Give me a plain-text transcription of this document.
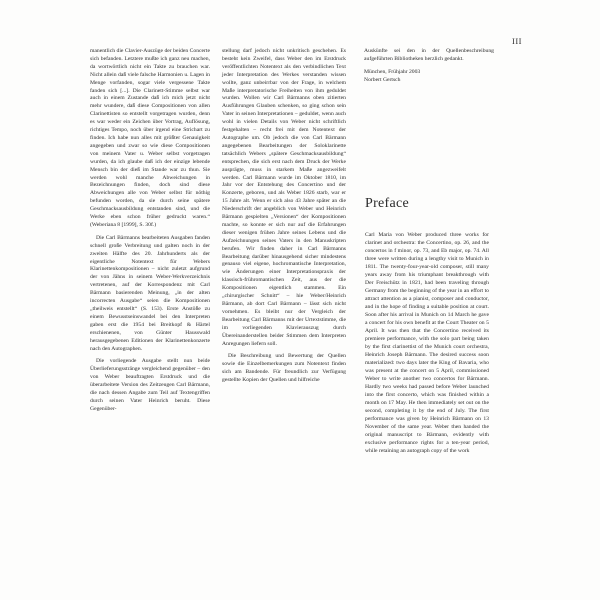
III

manentlich die Clavier-Auszüge der beiden Concerte sich befanden. Letztere mußte ich ganz neu machen, da wortwörtlich nicht ein Takte zu brauchen war. Nicht allein daß viele falsche Harmonien u. Lagen in Menge vorfanden, sogar viele vergessene Takte fanden sich [...]. Die Clarinett-Stimme selbst war auch in einem Zustande daß ich mich jetzt nicht mehr wundere, daß diese Compositionen von allen Clarinettisten so entstellt vorgetragen wurden, denn es war weder ein Zeichen über Vortrag, Auflösung, richtiges Tempo, noch über irgend eine Strichart zu finden. Ich habe nun alles mit größter Genauigkeit angegeben und zwar so wie diese Compositionen von meinem Vater u. Weber selbst vorgetragen wurden, da ich glaube daß ich der einzige lebende Mensch bin der dieß im Stande war zu thun. Sie werden wohl manche Abweichungen in Bezeichnungen finden, doch sind diese Abweichungen alle von Weber selbst für nöthig befunden worden, da sie durch seine spätere Geschmacksausbildung entstanden sind, und die Werke eben schon früher gedruckt waren.“ (Weberiana 8 [1999], S. 30f.)

Die Carl Bärmanns bearbeiteten Ausgaben fanden schnell große Verbreitung und galten noch in der zweiten Hälfte des 20. Jahrhunderts als der eigentliche Notentext für Webers Klarinettenkompositionen – nicht zuletzt aufgrund der von Jähns in seinem Weber-Werkverzeichnis vertretenen, auf der Korrespondenz mit Carl Bärmann basierenden Meinung, „in der alten incorrecten Ausgabe“ seien die Kompositionen „theilweis entstellt“ (S. 153). Erste Anstöße zu einem Bewusstseinswandel bei den Interpreten gaben erst die 1954 bei Breitkopf & Härtel erschienenen, von Günter Hausswald herausgegebenen Editionen der Klarinettenkonzerte nach den Autographen.

Die vorliegende Ausgabe stellt nun beide Überlieferungsstränge vergleichend gegenüber – den von Weber beauftragten Erstdruck und die überarbeitete Version des Zeitzeugen Carl Bärmann, die nach dessen Angabe zum Teil auf Textengriffen durch seinen Vater Heinrich beruht. Diese Gegenüber-

stellung darf jedoch nicht unkritisch geschehen. Es besteht kein Zweifel, dass Weber den im Erstdruck veröffentlichten Notentext als den verbindlichen Text jeder Interpretation des Werkes verstanden wissen wollte, ganz unbeirrbar von der Frage, in welchem Maße interpretatorische Freiheiten von ihm geduldet wurden. Wollen wir Carl Bärmanns oben zitierten Ausführungen Glauben schenken, so ging schon sein Vater in seinen Interpretationen – geduldet, wenn auch wohl in vielen Details von Weber nicht schriftlich festgehalten – recht frei mit dem Notentext der Autographe um. Ob jedoch die von Carl Bärmann angegebenen Bearbeitungen der Soloklarinette tatsächlich Webers „spätere Geschmacksausbildung“ entsprechen, die sich erst nach dem Druck der Werke ausprägte, muss in starkem Maße angezweifelt werden. Carl Bärmann wurde im Oktober 1810, im Jahr vor der Entstehung des Concertino und der Konzerte, geboren, und als Weber 1826 starb, war er 15 Jahre alt. Wenn er sich also 43 Jahre später an die Niederschrift der angeblich von Weber und Heinrich Bärmann gespielten „Versionen“ der Kompositionen machte, so konnte er sich nur auf die Erfahrungen dieser wenigen frühen Jahre seines Lebens und die Aufzeichnungen seines Vaters in den Manuskripten berufen. Wir finden daher in Carl Bärmanns Bearbeitung darüber hinausgehend sicher mindestens genauso viel eigene, hochromantische Interpretation, wie Änderungen einer Interpretationspraxis der klassisch-frühromantischen Zeit, aus der die Kompositionen eigentlich stammen. Ein „chirurgischer Schnitt“ – hie Weber/Heinrich Bärmann, ab dort Carl Bärmann – lässt sich nicht vornehmen. Es bleibt nur der Vergleich der Bearbeitung Carl Bärmanns mit der Urtextstimme, die im vorliegenden Klavierauszug durch Übereinanderstellen beider Stimmen dem Interpreten Anregungen liefern soll.

Die Beschreibung und Bewertung der Quellen sowie die Einzelbemerkungen zum Notentext finden sich am Bandende. Für freundlich zur Verfügung gestellte Kopien der Quellen und hilfreiche

Auskünfte sei den in der Quellenbeschreibung aufgeführten Bibliotheken herzlich gedankt.

München, Frühjahr 2003
Norbert Gertsch
Preface

Carl Maria von Weber produced three works for clarinet and orchestra: the Concertino, op. 26, and the concertos in f minor, op. 73, and Eb major, op. 74. All three were written during a lengthy visit to Munich in 1811. The twenty-four-year-old composer, still many years away from his triumphant breakthrough with Der Freischütz in 1821, had been traveling through Germany from the beginning of the year in an effort to attract attention as a pianist, composer and conductor, and in the hope of finding a suitable position at court. Soon after his arrival in Munich on 14 March he gave a concert for his own benefit at the Court Theater on 5 April. It was then that the Concertino received its premiere performance, with the solo part being taken by the first clarinettist of the Munich court orchestra, Heinrich Joseph Bärmann. The desired success soon materialized: two days later the King of Bavaria, who was present at the concert on 5 April, commissioned Weber to write another two concertos for Bärmann. Hardly two weeks had passed before Weber launched into the first concerto, which was finished within a month on 17 May. He then immediately set out on the second, completing it by the end of July. The first performance was given by Heinrich Bärmann on 13 November of the same year. Weber then handed the original manuscript to Bärmann, evidently with exclusive performance rights for a ten-year period, while retaining an autograph copy of the work
